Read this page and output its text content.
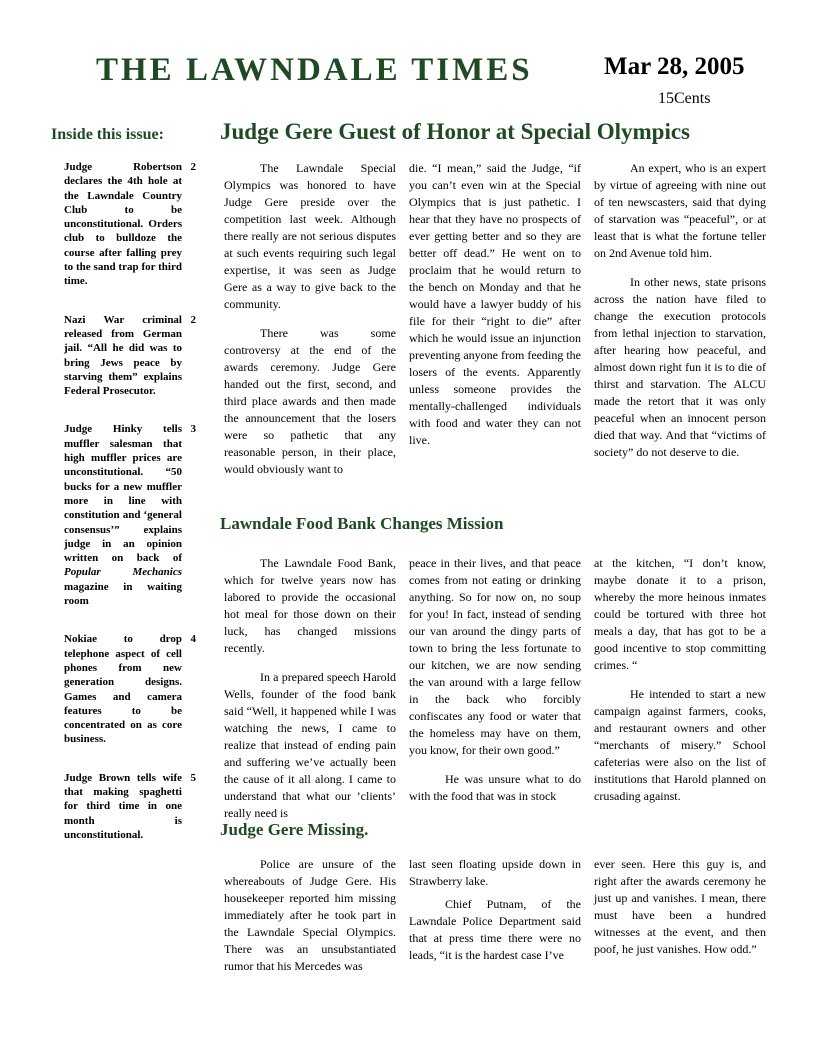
THE LAWNDALE TIMES	Mar 28, 2005
15Cents
Inside this issue:
Judge Robertson declares the 4th hole at the Lawndale Country Club to be unconstitutional. Orders club to bulldoze the course after falling prey to the sand trap for third time.
2
Nazi War criminal released from German jail. “All he did was to bring Jews peace by starving them” explains Federal Prosecutor.
2
Judge Hinky tells muffler salesman that high muffler prices are unconstitutional. “50 bucks for a new muffler more in line with constitution and ‘general consensus’” explains judge in an opinion written on back of Popular Mechanics magazine in waiting room
3
Nokiae to drop telephone aspect of cell phones from new generation designs. Games and camera features to be concentrated on as core business.
4
Judge Brown tells wife that making spaghetti for third time in one month is unconstitutional.
5
Judge Gere Guest of Honor at Special Olympics

The Lawndale Special Olympics was honored to have Judge Gere preside over the competition last week. Although there really are not serious disputes at such events requiring such legal expertise, it was seen as Judge Gere as a way to give back to the community.

There was some controversy at the end of the awards ceremony. Judge Gere handed out the first, second, and third place awards and then made the announcement that the losers were so pathetic that any reasonable person, in their place, would obviously want to

die. “I mean,” said the Judge, “if you can’t even win at the Special Olympics that is just pathetic. I hear that they have no prospects of ever getting better and so they are better off dead.” He went on to proclaim that he would return to the bench on Monday and that he would have a lawyer buddy of his file for their “right to die” after which he would issue an injunction preventing anyone from feeding the losers of the events. Apparently unless someone provides the mentally-challenged individuals with food and water they can not live.

An expert, who is an expert by virtue of agreeing with nine out of ten newscasters, said that dying of starvation was “peaceful”, or at least that is what the fortune teller on 2nd Avenue told him.

In other news, state prisons across the nation have filed to change the execution protocols from lethal injection to starvation, after hearing how peaceful, and almost down right fun it is to die of thirst and starvation. The ALCU made the retort that it was only peaceful when an innocent person died that way. And that “victims of society” do not deserve to die.

Lawndale Food Bank Changes Mission

The Lawndale Food Bank, which for twelve years now has labored to provide the occasional hot meal for those down on their luck, has changed missions recently.

In a prepared speech Harold Wells, founder of the food bank said “Well, it happened while I was watching the news, I came to realize that instead of ending pain and suffering we’ve actually been the cause of it all along. I came to understand that what our ’clients’ really need is

peace in their lives, and that peace comes from not eating or drinking anything. So for now on, no soup for you! In fact, instead of sending our van around the dingy parts of town to bring the less fortunate to our kitchen, we are now sending the van around with a large fellow in the back who forcibly confiscates any food or water that the homeless may have on them, you know, for their own good.”

He was unsure what to do with the food that was in stock

at the kitchen, “I don’t know, maybe donate it to a prison, whereby the more heinous inmates could be tortured with three hot meals a day, that has got to be a good incentive to stop committing crimes. “

He intended to start a new campaign against farmers, cooks, and restaurant owners and other “merchants of misery.” School cafeterias were also on the list of institutions that Harold planned on crusading against.

Judge Gere Missing.

Police are unsure of the whereabouts of Judge Gere. His housekeeper reported him missing immediately after he took part in the Lawndale Special Olympics. There was an unsubstantiated rumor that his Mercedes was

last seen floating upside down in Strawberry lake.

Chief Putnam, of the Lawndale Police Department said that at press time there were no leads, “it is the hardest case I’ve

ever seen. Here this guy is, and right after the awards ceremony he just up and vanishes. I mean, there must have been a hundred witnesses at the event, and then poof, he just vanishes. How odd.”
